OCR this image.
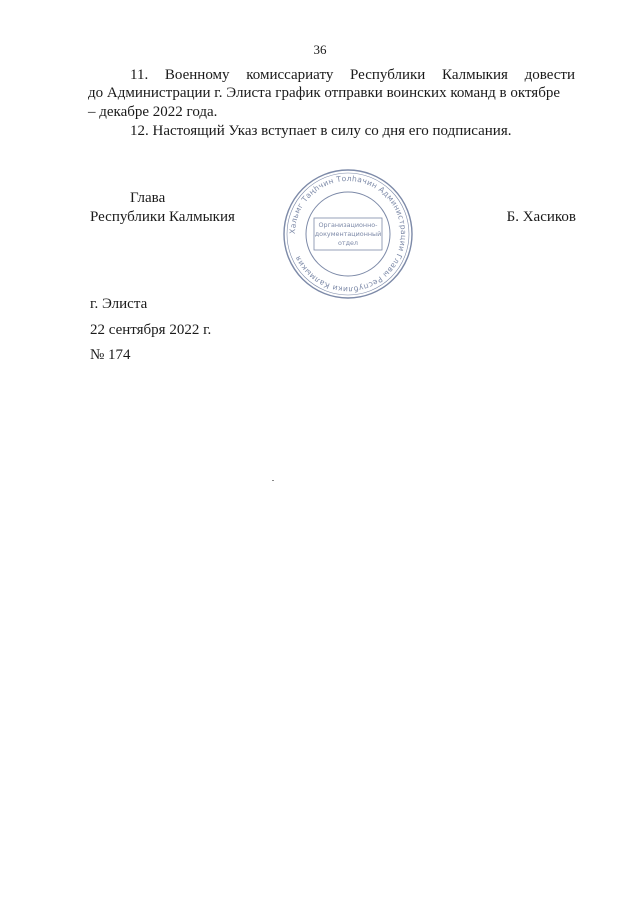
36
11. Военному комиссариату Республики Калмыкия довести
до Администрации г. Элиста график отправки воинских команд в октябре
– декабре 2022 года.
12. Настоящий Указ вступает в силу со дня его подписания.
Глава
Республики Калмыкия	Б. Хасиков
Хальмг Таңһчин Толһачин Администрации Главы Республики Калмыкия
Организационно-
документационный
отдел
г. Элиста
22 сентября 2022 г.
№ 174
